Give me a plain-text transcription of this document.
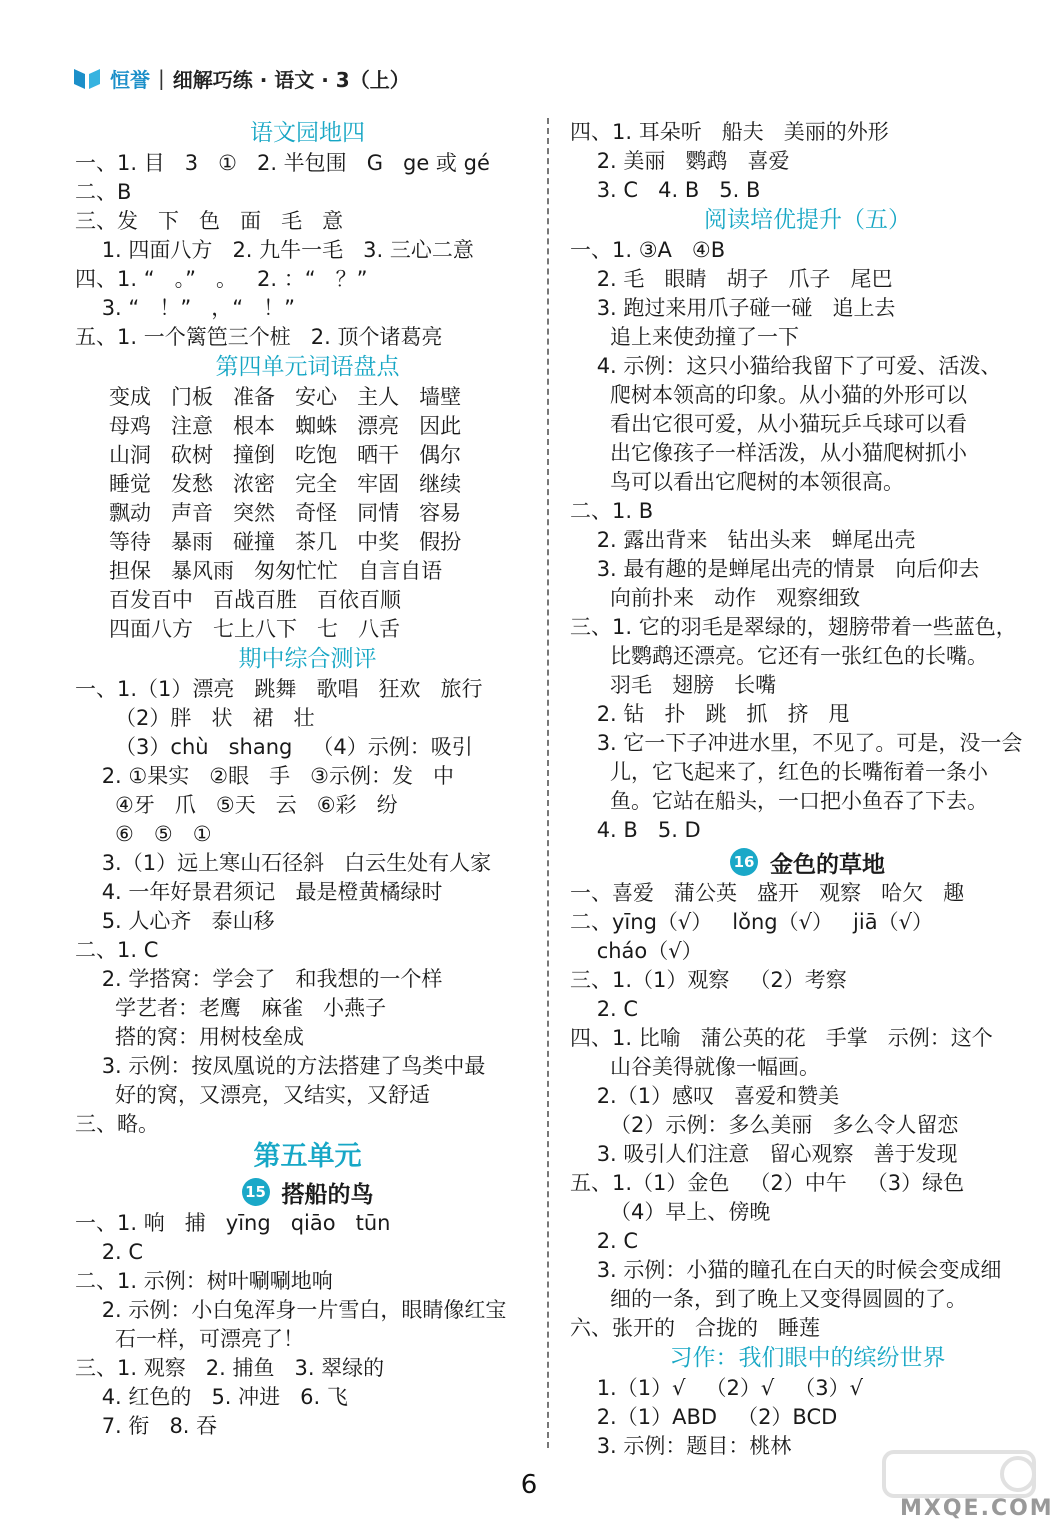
恒誉 | 细解巧练 · 语文 · 3（上）
语文园地四
一、1. 目   3   ①   2. 半包围   G   ge 或 gé
二、B
三、发   下   色   面   毛   意
1. 四面八方   2. 九牛一毛   3. 三心二意
四、1. “   。”   。   2. ：“   ？”
3. “   ！”   ，“   ！”
五、1. 一个篱笆三个桩   2. 顶个诸葛亮
第四单元词语盘点
变成   门板   准备   安心   主人   墙壁
母鸡   注意   根本   蜘蛛   漂亮   因此
山洞   砍树   撞倒   吃饱   晒干   偶尔
睡觉   发愁   浓密   完全   牢固   继续
飘动   声音   突然   奇怪   同情   容易
等待   暴雨   碰撞   茶几   中奖   假扮
担保   暴风雨   匆匆忙忙   自言自语
百发百中   百战百胜   百依百顺
四面八方   七上八下   七   八舌
期中综合测评
一、1.（1）漂亮   跳舞   歌唱   狂欢   旅行
（2）胖   状   裙   壮
（3）chù   shang   （4）示例：吸引
2. ①果实   ②眼   手   ③示例：发   中
④牙   爪   ⑤天   云   ⑥彩   纷
⑥   ⑤   ①
3.（1）远上寒山石径斜   白云生处有人家
4. 一年好景君须记   最是橙黄橘绿时
5. 人心齐   泰山移
二、1. C
2. 学搭窝：学会了   和我想的一个样
学艺者：老鹰   麻雀   小燕子
搭的窝：用树枝垒成
3. 示例：按凤凰说的方法搭建了鸟类中最
好的窝，又漂亮，又结实，又舒适
三、略。
第五单元
15 搭船的鸟
一、1. 响   捕   yīng   qiāo   tūn
2. C
二、1. 示例：树叶唰唰地响
2. 示例：小白兔浑身一片雪白，眼睛像红宝
石一样，可漂亮了！
三、1. 观察   2. 捕鱼   3. 翠绿的
4. 红色的   5. 冲进   6. 飞
7. 衔   8. 吞
四、1. 耳朵听   船夫   美丽的外形
2. 美丽   鹦鹉   喜爱
3. C   4. B   5. B
阅读培优提升（五）
一、1. ③A   ④B
2. 毛   眼睛   胡子   爪子   尾巴
3. 跑过来用爪子碰一碰   追上去
追上来使劲撞了一下
4. 示例：这只小猫给我留下了可爱、活泼、
爬树本领高的印象。从小猫的外形可以
看出它很可爱，从小猫玩乒乓球可以看
出它像孩子一样活泼，从小猫爬树抓小
鸟可以看出它爬树的本领很高。
二、1. B
2. 露出背来   钻出头来   蝉尾出壳
3. 最有趣的是蝉尾出壳的情景   向后仰去
向前扑来   动作   观察细致
三、1. 它的羽毛是翠绿的，翅膀带着一些蓝色，
比鹦鹉还漂亮。它还有一张红色的长嘴。
羽毛   翅膀   长嘴
2. 钻   扑   跳   抓   挤   甩
3. 它一下子冲进水里，不见了。可是，没一会
儿，它飞起来了，红色的长嘴衔着一条小
鱼。它站在船头，一口把小鱼吞了下去。
4. B   5. D
16 金色的草地
一、喜爱   蒲公英   盛开   观察   哈欠   趣
二、yīng（√）   lǒng（√）   jiā（√）
cháo（√）
三、1.（1）观察   （2）考察
2. C
四、1. 比喻   蒲公英的花   手掌   示例：这个
山谷美得就像一幅画。
2.（1）感叹   喜爱和赞美
（2）示例：多么美丽   多么令人留恋
3. 吸引人们注意   留心观察   善于发现
五、1.（1）金色   （2）中午   （3）绿色
（4）早上、傍晚
2. C
3. 示例：小猫的瞳孔在白天的时候会变成细
细的一条，到了晚上又变得圆圆的了。
六、张开的   合拢的   睡莲
习作：我们眼中的缤纷世界
1.（1）√   （2）√   （3）√
2.（1）ABD   （2）BCD
3. 示例：题目：桃林
MXQE.COM
6
